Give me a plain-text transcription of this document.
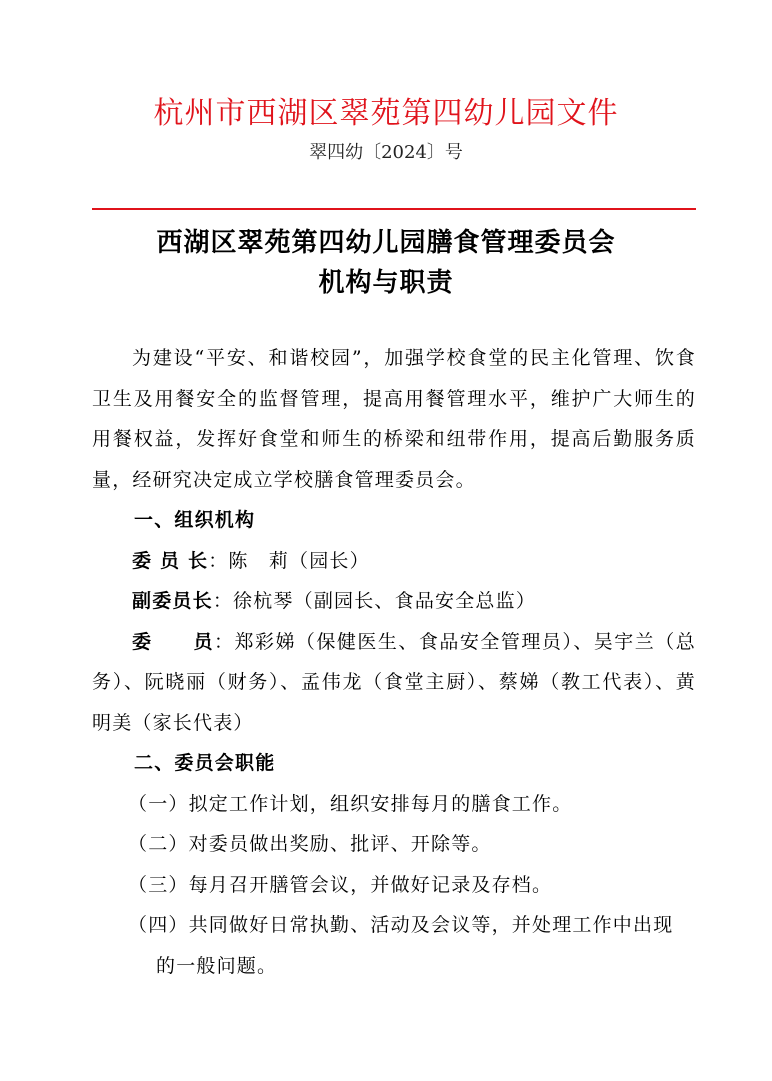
杭州市西湖区翠苑第四幼儿园文件
翠四幼〔2024〕号
西湖区翠苑第四幼儿园膳食管理委员会
机构与职责

为建设“平安、和谐校园”，加强学校食堂的民主化管理、饮食卫生及用餐安全的监督管理，提高用餐管理水平，维护广大师生的用餐权益，发挥好食堂和师生的桥梁和纽带作用，提高后勤服务质量，经研究决定成立学校膳食管理委员会。

一、组织机构

委 员 长：陈　莉（园长）

副委员长：徐杭琴（副园长、食品安全总监）

委　　员：郑彩娣（保健医生、食品安全管理员）、吴宇兰（总务）、阮晓丽（财务）、孟伟龙（食堂主厨）、蔡娣（教工代表）、黄明美（家长代表）

二、委员会职能

（一）拟定工作计划，组织安排每月的膳食工作。

（二）对委员做出奖励、批评、开除等。

（三）每月召开膳管会议，并做好记录及存档。

（四）共同做好日常执勤、活动及会议等，并处理工作中出现
的一般问题。
